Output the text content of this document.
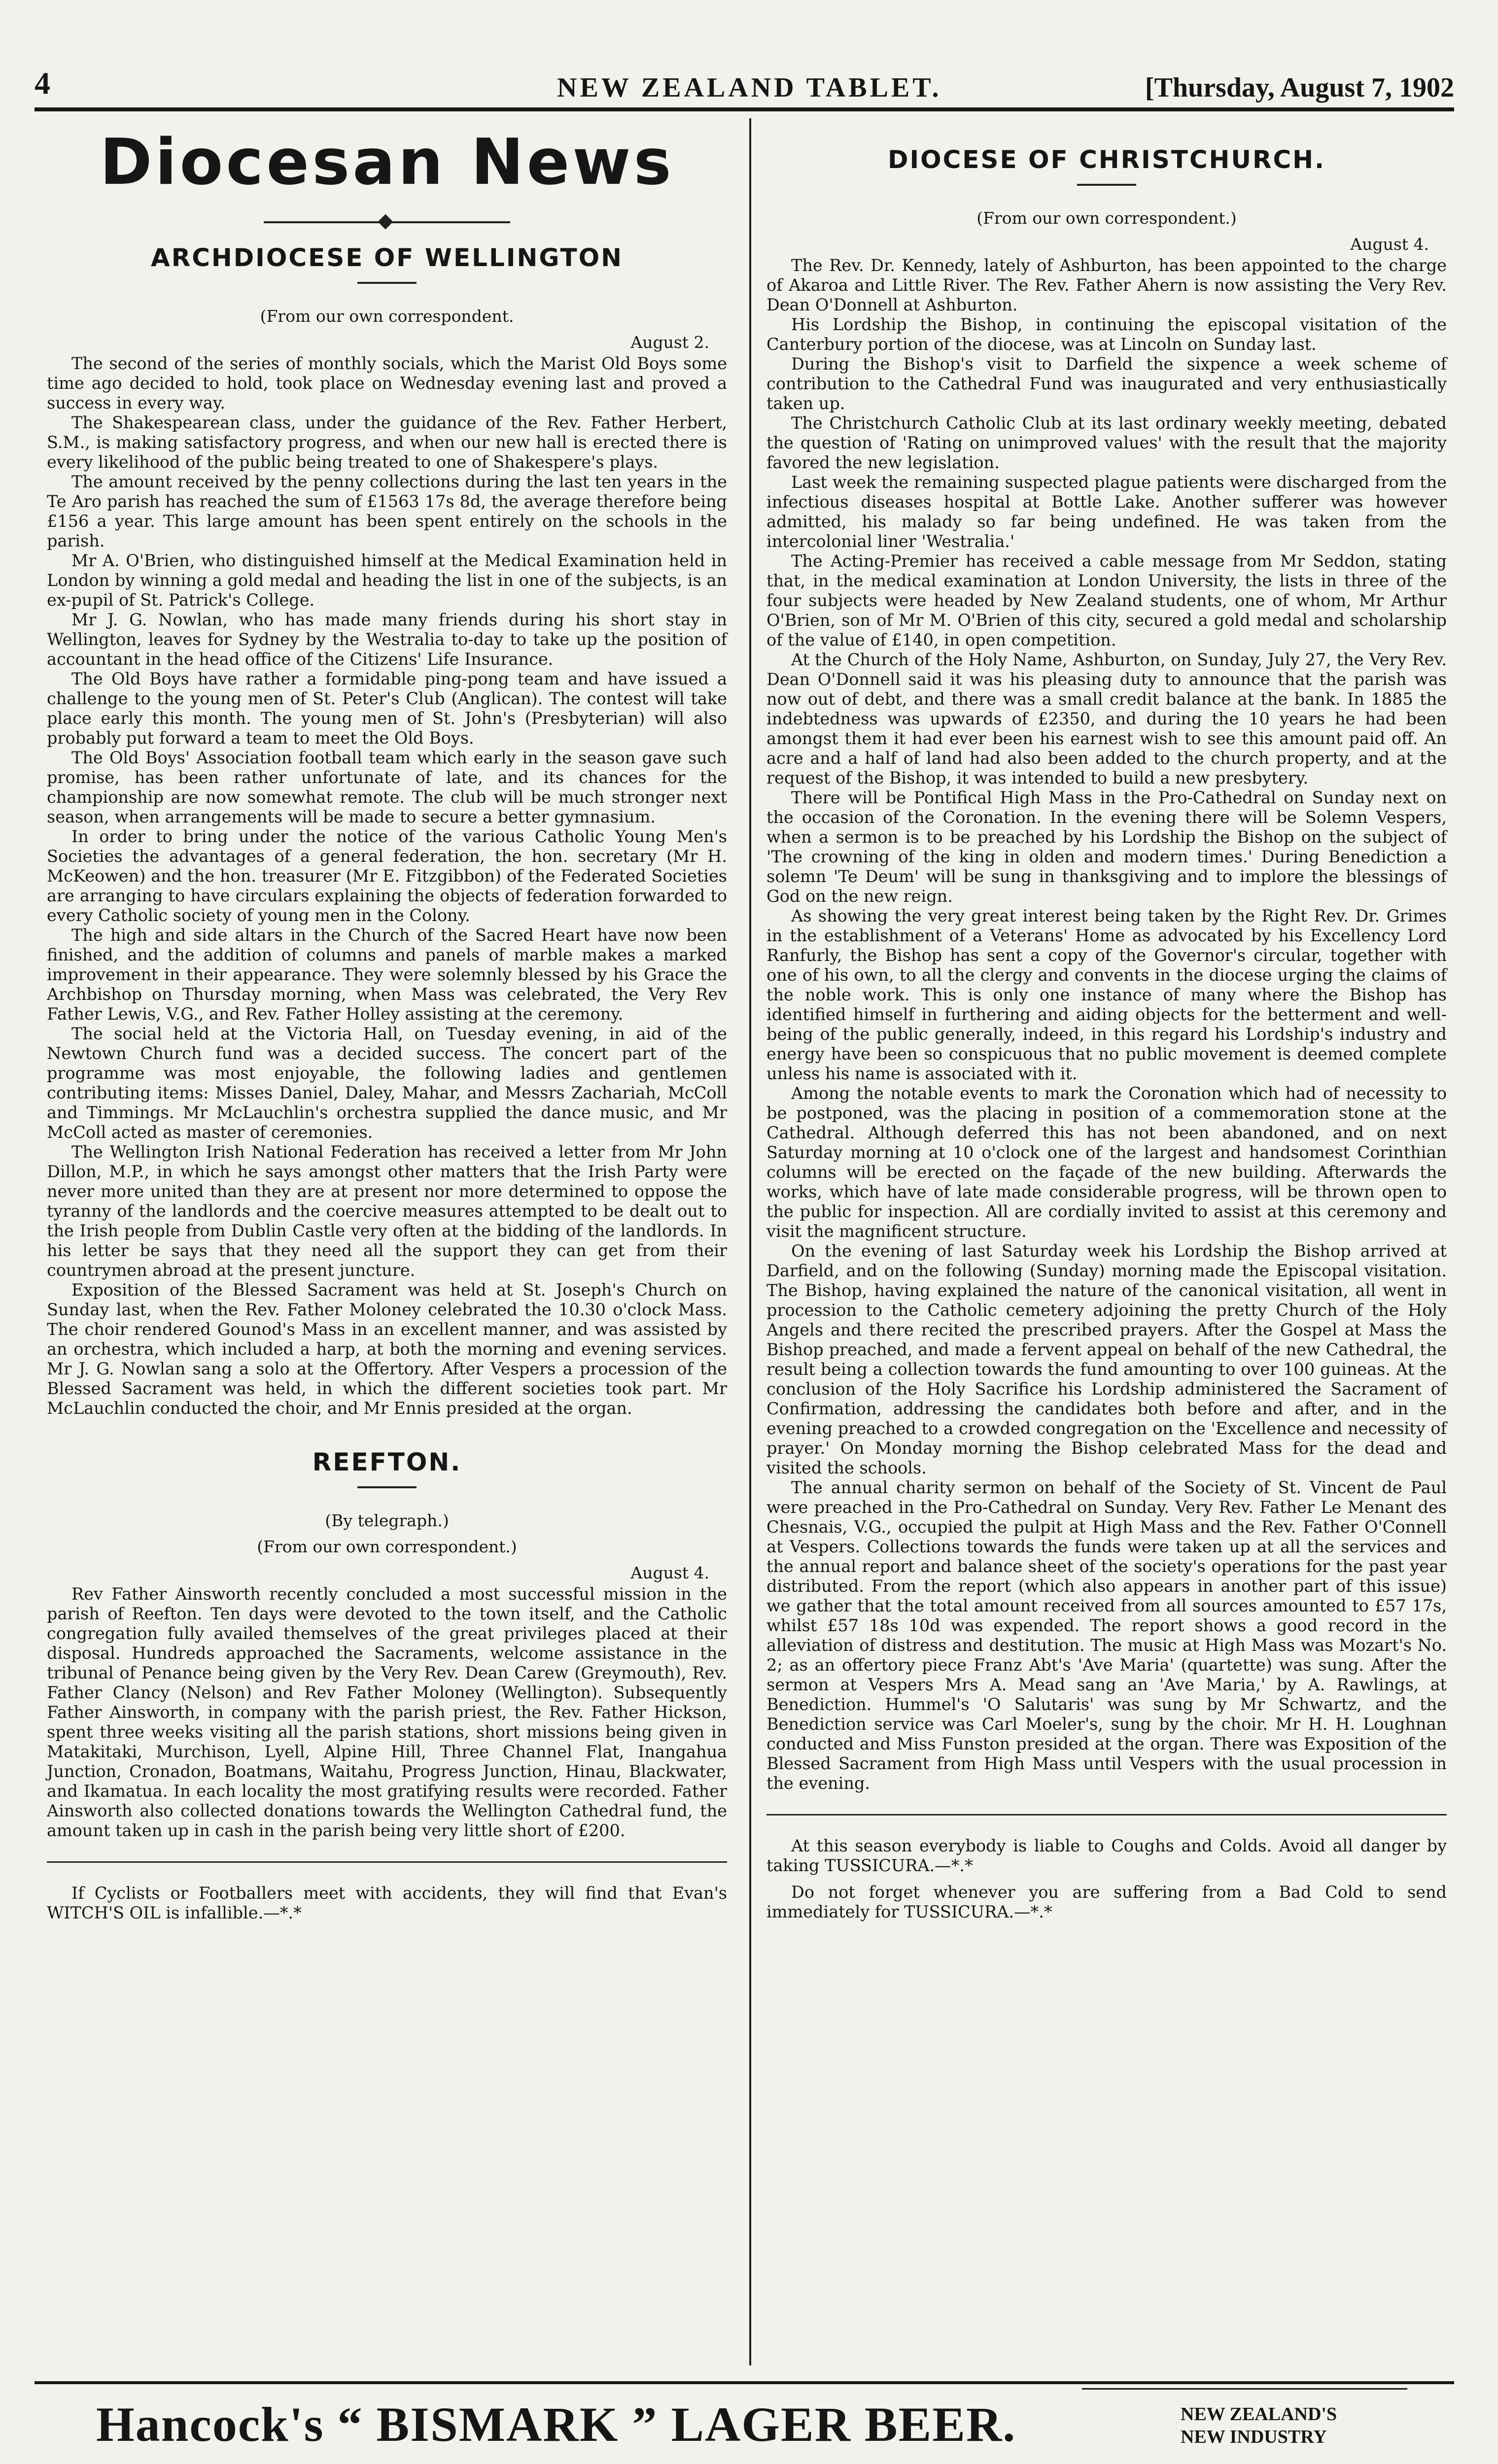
4	NEW ZEALAND TABLET.	[Thursday, August 7, 1902
Diocesan News
ARCHDIOCESE OF WELLINGTON
(From our own correspondent.
August 2.

The second of the series of monthly socials, which the Marist Old Boys some time ago decided to hold, took place on Wednesday evening last and proved a success in every way.

The Shakespearean class, under the guidance of the Rev. Father Herbert, S.M., is making satisfactory progress, and when our new hall is erected there is every likelihood of the public being treated to one of Shakespere's plays.

The amount received by the penny collections during the last ten years in the Te Aro parish has reached the sum of £1563 17s 8d, the average therefore being £156 a year. This large amount has been spent entirely on the schools in the parish.

Mr A. O'Brien, who distinguished himself at the Medical Examination held in London by winning a gold medal and heading the list in one of the subjects, is an ex-pupil of St. Patrick's College.

Mr J. G. Nowlan, who has made many friends during his short stay in Wellington, leaves for Sydney by the Westralia to-day to take up the position of accountant in the head office of the Citizens' Life Insurance.

The Old Boys have rather a formidable ping-pong team and have issued a challenge to the young men of St. Peter's Club (Anglican). The contest will take place early this month. The young men of St. John's (Presbyterian) will also probably put forward a team to meet the Old Boys.

The Old Boys' Association football team which early in the season gave such promise, has been rather unfortunate of late, and its chances for the championship are now somewhat remote. The club will be much stronger next season, when arrangements will be made to secure a better gymnasium.

In order to bring under the notice of the various Catholic Young Men's Societies the advantages of a general federation, the hon. secretary (Mr H. McKeowen) and the hon. treasurer (Mr E. Fitzgibbon) of the Federated Societies are arranging to have circulars explaining the objects of federation forwarded to every Catholic society of young men in the Colony.

The high and side altars in the Church of the Sacred Heart have now been finished, and the addition of columns and panels of marble makes a marked improvement in their appearance. They were solemnly blessed by his Grace the Archbishop on Thursday morning, when Mass was celebrated, the Very Rev Father Lewis, V.G., and Rev. Father Holley assisting at the ceremony.

The social held at the Victoria Hall, on Tuesday evening, in aid of the Newtown Church fund was a decided success. The concert part of the programme was most enjoyable, the following ladies and gentlemen contributing items: Misses Daniel, Daley, Mahar, and Messrs Zachariah, McColl and Timmings. Mr McLauchlin's orchestra supplied the dance music, and Mr McColl acted as master of ceremonies.

The Wellington Irish National Federation has received a letter from Mr John Dillon, M.P., in which he says amongst other matters that the Irish Party were never more united than they are at present nor more determined to oppose the tyranny of the landlords and the coercive measures attempted to be dealt out to the Irish people from Dublin Castle very often at the bidding of the landlords. In his letter be says that they need all the support they can get from their countrymen abroad at the present juncture.

Exposition of the Blessed Sacrament was held at St. Joseph's Church on Sunday last, when the Rev. Father Moloney celebrated the 10.30 o'clock Mass. The choir rendered Gounod's Mass in an excellent manner, and was assisted by an orchestra, which included a harp, at both the morning and evening services. Mr J. G. Nowlan sang a solo at the Offertory. After Vespers a procession of the Blessed Sacrament was held, in which the different societies took part. Mr McLauchlin conducted the choir, and Mr Ennis presided at the organ.

REEFTON.
(By telegraph.)
(From our own correspondent.)
August 4.

Rev Father Ainsworth recently concluded a most successful mission in the parish of Reefton. Ten days were devoted to the town itself, and the Catholic congregation fully availed themselves of the great privileges placed at their disposal. Hundreds approached the Sacraments, welcome assistance in the tribunal of Penance being given by the Very Rev. Dean Carew (Greymouth), Rev. Father Clancy (Nelson) and Rev Father Moloney (Wellington). Subsequently Father Ainsworth, in company with the parish priest, the Rev. Father Hickson, spent three weeks visiting all the parish stations, short missions being given in Matakitaki, Murchison, Lyell, Alpine Hill, Three Channel Flat, Inangahua Junction, Cronadon, Boatmans, Waitahu, Progress Junction, Hinau, Blackwater, and Ikamatua. In each locality the most gratifying results were recorded. Father Ainsworth also collected donations towards the Wellington Cathedral fund, the amount taken up in cash in the parish being very little short of £200.

If Cyclists or Footballers meet with accidents, they will find that Evan's WITCH'S OIL is infallible.—*.*

DIOCESE OF CHRISTCHURCH.
(From our own correspondent.)
August 4.

The Rev. Dr. Kennedy, lately of Ashburton, has been appointed to the charge of Akaroa and Little River. The Rev. Father Ahern is now assisting the Very Rev. Dean O'Donnell at Ashburton.

His Lordship the Bishop, in continuing the episcopal visitation of the Canterbury portion of the diocese, was at Lincoln on Sunday last.

During the Bishop's visit to Darfield the sixpence a week scheme of contribution to the Cathedral Fund was inaugurated and very enthusiastically taken up.

The Christchurch Catholic Club at its last ordinary weekly meeting, debated the question of 'Rating on unimproved values' with the result that the majority favored the new legislation.

Last week the remaining suspected plague patients were discharged from the infectious diseases hospital at Bottle Lake. Another sufferer was however admitted, his malady so far being undefined. He was taken from the intercolonial liner 'Westralia.'

The Acting-Premier has received a cable message from Mr Seddon, stating that, in the medical examination at London University, the lists in three of the four subjects were headed by New Zealand students, one of whom, Mr Arthur O'Brien, son of Mr M. O'Brien of this city, secured a gold medal and scholarship of the value of £140, in open competition.

At the Church of the Holy Name, Ashburton, on Sunday, July 27, the Very Rev. Dean O'Donnell said it was his pleasing duty to announce that the parish was now out of debt, and there was a small credit balance at the bank. In 1885 the indebtedness was upwards of £2350, and during the 10 years he had been amongst them it had ever been his earnest wish to see this amount paid off. An acre and a half of land had also been added to the church property, and at the request of the Bishop, it was intended to build a new presbytery.

There will be Pontifical High Mass in the Pro-Cathedral on Sunday next on the occasion of the Coronation. In the evening there will be Solemn Vespers, when a sermon is to be preached by his Lordship the Bishop on the subject of 'The crowning of the king in olden and modern times.' During Benediction a solemn 'Te Deum' will be sung in thanksgiving and to implore the blessings of God on the new reign.

As showing the very great interest being taken by the Right Rev. Dr. Grimes in the establishment of a Veterans' Home as advocated by his Excellency Lord Ranfurly, the Bishop has sent a copy of the Governor's circular, together with one of his own, to all the clergy and convents in the diocese urging the claims of the noble work. This is only one instance of many where the Bishop has identified himself in furthering and aiding objects for the betterment and well-being of the public generally, indeed, in this regard his Lordship's industry and energy have been so conspicuous that no public movement is deemed complete unless his name is associated with it.

Among the notable events to mark the Coronation which had of necessity to be postponed, was the placing in position of a commemoration stone at the Cathedral. Although deferred this has not been abandoned, and on next Saturday morning at 10 o'clock one of the largest and handsomest Corinthian columns will be erected on the façade of the new building. Afterwards the works, which have of late made considerable progress, will be thrown open to the public for inspection. All are cordially invited to assist at this ceremony and visit the magnificent structure.

On the evening of last Saturday week his Lordship the Bishop arrived at Darfield, and on the following (Sunday) morning made the Episcopal visitation. The Bishop, having explained the nature of the canonical visitation, all went in procession to the Catholic cemetery adjoining the pretty Church of the Holy Angels and there recited the prescribed prayers. After the Gospel at Mass the Bishop preached, and made a fervent appeal on behalf of the new Cathedral, the result being a collection towards the fund amounting to over 100 guineas. At the conclusion of the Holy Sacrifice his Lordship administered the Sacrament of Confirmation, addressing the candidates both before and after, and in the evening preached to a crowded congregation on the 'Excellence and necessity of prayer.' On Monday morning the Bishop celebrated Mass for the dead and visited the schools.

The annual charity sermon on behalf of the Society of St. Vincent de Paul were preached in the Pro-Cathedral on Sunday. Very Rev. Father Le Menant des Chesnais, V.G., occupied the pulpit at High Mass and the Rev. Father O'Connell at Vespers. Collections towards the funds were taken up at all the services and the annual report and balance sheet of the society's operations for the past year distributed. From the report (which also appears in another part of this issue) we gather that the total amount received from all sources amounted to £57 17s, whilst £57 18s 10d was expended. The report shows a good record in the alleviation of distress and destitution. The music at High Mass was Mozart's No. 2; as an offertory piece Franz Abt's 'Ave Maria' (quartette) was sung. After the sermon at Vespers Mrs A. Mead sang an 'Ave Maria,' by A. Rawlings, at Benediction. Hummel's 'O Salutaris' was sung by Mr Schwartz, and the Benediction service was Carl Moeler's, sung by the choir. Mr H. H. Loughnan conducted and Miss Funston presided at the organ. There was Exposition of the Blessed Sacrament from High Mass until Vespers with the usual procession in the evening.

At this season everybody is liable to Coughs and Colds. Avoid all danger by taking TUSSICURA.—*.*

Do not forget whenever you are suffering from a Bad Cold to send immediately for TUSSICURA.—*.*

Hancock's “ BISMARK ” LAGER BEER.	NEW ZEALAND'S
NEW INDUSTRY
